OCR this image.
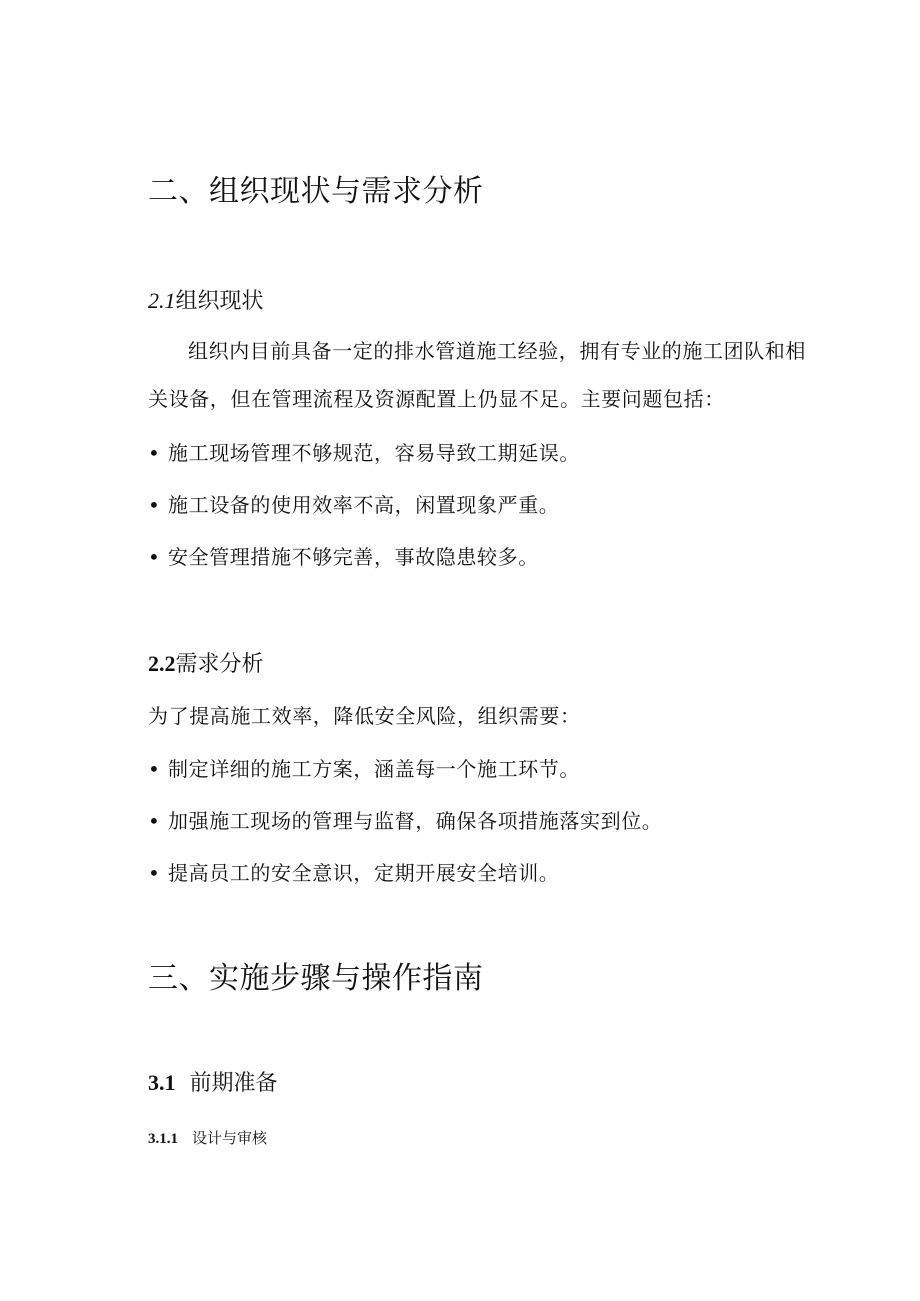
二、组织现状与需求分析
2.1组织现状
组织内目前具备一定的排水管道施工经验，拥有专业的施工团队和相
关设备，但在管理流程及资源配置上仍显不足。主要问题包括：
• 施工现场管理不够规范，容易导致工期延误。
• 施工设备的使用效率不高，闲置现象严重。
• 安全管理措施不够完善，事故隐患较多。
2.2需求分析
为了提高施工效率，降低安全风险，组织需要：
• 制定详细的施工方案，涵盖每一个施工环节。
• 加强施工现场的管理与监督，确保各项措施落实到位。
• 提高员工的安全意识，定期开展安全培训。
三、实施步骤与操作指南
3.1 前期准备
3.1.1 设计与审核
